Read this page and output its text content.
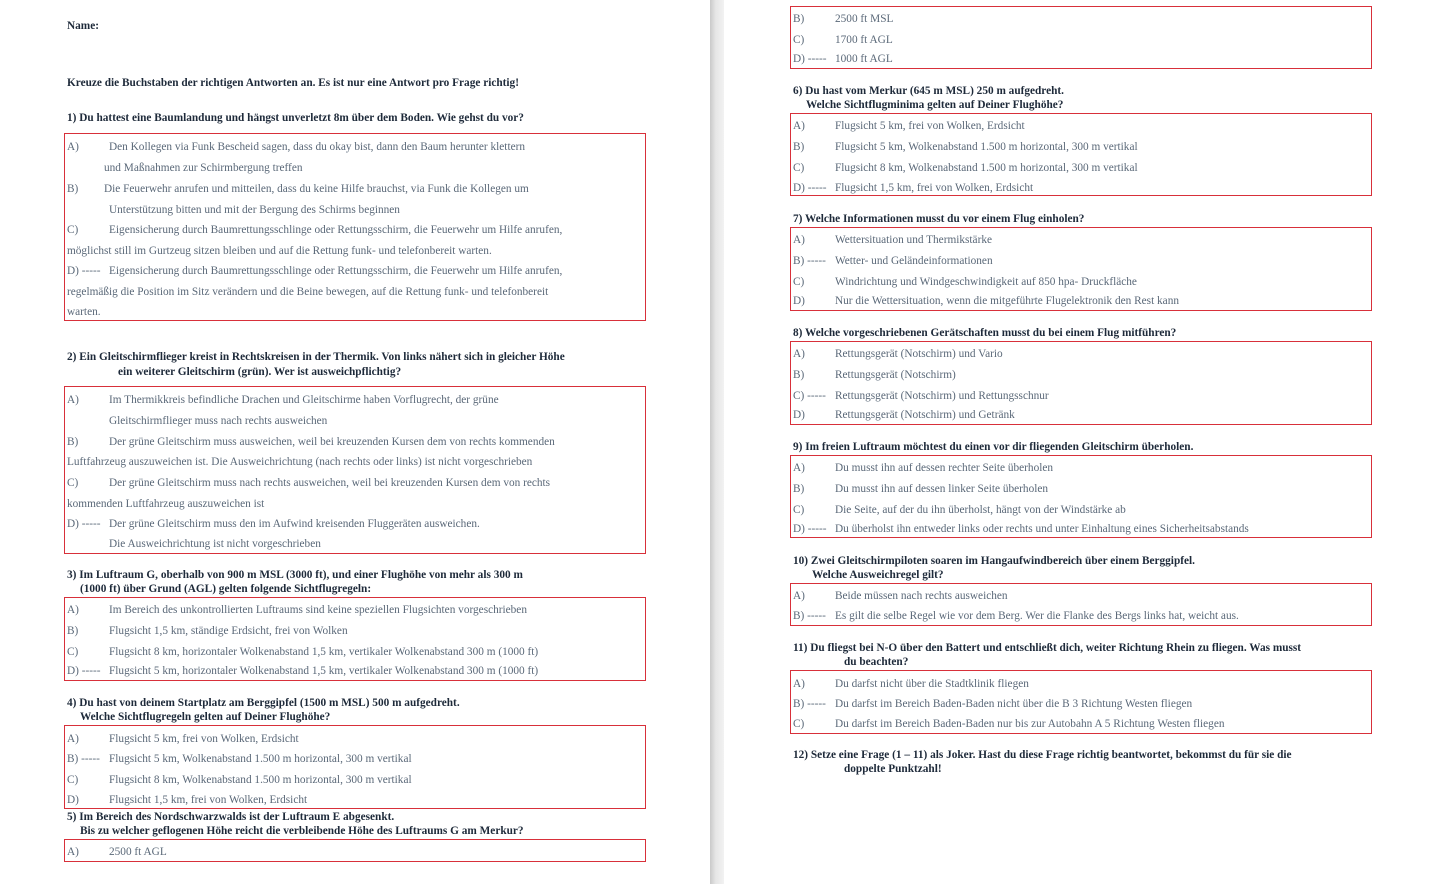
Name:
Kreuze die Buchstaben der richtigen Antworten an. Es ist nur eine Antwort pro Frage richtig!
1) Du hattest eine Baumlandung und hängst unverletzt 8m über dem Boden. Wie gehst du vor?
A)	Den Kollegen via Funk Bescheid sagen, dass du okay bist, dann den Baum herunter klettern
und Maßnahmen zur Schirmbergung treffen
B) Die Feuerwehr anrufen und mitteilen, dass du keine Hilfe brauchst, via Funk die Kollegen um
Unterstützung bitten und mit der Bergung des Schirms beginnen
C)	Eigensicherung durch Baumrettungsschlinge oder Rettungsschirm, die Feuerwehr um Hilfe anrufen,
möglichst still im Gurtzeug sitzen bleiben und auf die Rettung funk- und telefonbereit warten.
D) ----- Eigensicherung durch Baumrettungsschlinge oder Rettungsschirm, die Feuerwehr um Hilfe anrufen,
regelmäßig die Position im Sitz verändern und die Beine bewegen, auf die Rettung funk- und telefonbereit
warten.
2) Ein Gleitschirmflieger kreist in Rechtskreisen in der Thermik. Von links nähert sich in gleicher Höhe
ein weiterer Gleitschirm (grün). Wer ist ausweichpflichtig?
A)	Im Thermikkreis befindliche Drachen und Gleitschirme haben Vorflugrecht, der grüne
Gleitschirmflieger muss nach rechts ausweichen
B)	Der grüne Gleitschirm muss ausweichen, weil bei kreuzenden Kursen dem von rechts kommenden
Luftfahrzeug auszuweichen ist. Die Ausweichrichtung (nach rechts oder links) ist nicht vorgeschrieben
C)	Der grüne Gleitschirm muss nach rechts ausweichen, weil bei kreuzenden Kursen dem von rechts
kommenden Luftfahrzeug auszuweichen ist
D) ----- Der grüne Gleitschirm muss den im Aufwind kreisenden Fluggeräten ausweichen.
Die Ausweichrichtung ist nicht vorgeschrieben
3) Im Luftraum G, oberhalb von 900 m MSL (3000 ft), und einer Flughöhe von mehr als 300 m
(1000 ft) über Grund (AGL) gelten folgende Sichtflugregeln:
A)	Im Bereich des unkontrollierten Luftraums sind keine speziellen Flugsichten vorgeschrieben
B)	Flugsicht 1,5 km, ständige Erdsicht, frei von Wolken
C)	Flugsicht 8 km, horizontaler Wolkenabstand 1,5 km, vertikaler Wolkenabstand 300 m (1000 ft)
D) ----- Flugsicht 5 km, horizontaler Wolkenabstand 1,5 km, vertikaler Wolkenabstand 300 m (1000 ft)
4) Du hast von deinem Startplatz am Berggipfel (1500 m MSL) 500 m aufgedreht.
Welche Sichtflugregeln gelten auf Deiner Flughöhe?
A)	Flugsicht 5 km, frei von Wolken, Erdsicht
B) ----- Flugsicht 5 km, Wolkenabstand 1.500 m horizontal, 300 m vertikal
C)	Flugsicht 8 km, Wolkenabstand 1.500 m horizontal, 300 m vertikal
D)	Flugsicht 1,5 km, frei von Wolken, Erdsicht
5) Im Bereich des Nordschwarzwalds ist der Luftraum E abgesenkt.
Bis zu welcher geflogenen Höhe reicht die verbleibende Höhe des Luftraums G am Merkur?
A)	2500 ft AGL
B)	2500 ft MSL
C)	1700 ft AGL
D) ----- 1000 ft AGL
6) Du hast vom Merkur (645 m MSL) 250 m aufgedreht.
Welche Sichtflugminima gelten auf Deiner Flughöhe?
A)	Flugsicht 5 km, frei von Wolken, Erdsicht
B)	Flugsicht 5 km, Wolkenabstand 1.500 m horizontal, 300 m vertikal
C)	Flugsicht 8 km, Wolkenabstand 1.500 m horizontal, 300 m vertikal
D) ----- Flugsicht 1,5 km, frei von Wolken, Erdsicht
7) Welche Informationen musst du vor einem Flug einholen?
A)	Wettersituation und Thermikstärke
B) ----- Wetter- und Geländeinformationen
C)	Windrichtung und Windgeschwindigkeit auf 850 hpa- Druckfläche
D)	Nur die Wettersituation, wenn die mitgeführte Flugelektronik den Rest kann
8) Welche vorgeschriebenen Gerätschaften musst du bei einem Flug mitführen?
A)	Rettungsgerät (Notschirm) und Vario
B)	Rettungsgerät (Notschirm)
C) ----- Rettungsgerät (Notschirm) und Rettungsschnur
D)	Rettungsgerät (Notschirm) und Getränk
9) Im freien Luftraum möchtest du einen vor dir fliegenden Gleitschirm überholen.
A)	Du musst ihn auf dessen rechter Seite überholen
B)	Du musst ihn auf dessen linker Seite überholen
C)	Die Seite, auf der du ihn überholst, hängt von der Windstärke ab
D) ----- Du überholst ihn entweder links oder rechts und unter Einhaltung eines Sicherheitsabstands
10) Zwei Gleitschirmpiloten soaren im Hangaufwindbereich über einem Berggipfel.
Welche Ausweichregel gilt?
A)	Beide müssen nach rechts ausweichen
B) ----- Es gilt die selbe Regel wie vor dem Berg. Wer die Flanke des Bergs links hat, weicht aus.
11) Du fliegst bei N-O über den Battert und entschließt dich, weiter Richtung Rhein zu fliegen. Was musst
du beachten?
A)	Du darfst nicht über die Stadtklinik fliegen
B) ----- Du darfst im Bereich Baden-Baden nicht über die B 3 Richtung Westen fliegen
C)	Du darfst im Bereich Baden-Baden nur bis zur Autobahn A 5 Richtung Westen fliegen
12) Setze eine Frage (1 – 11) als Joker. Hast du diese Frage richtig beantwortet, bekommst du für sie die
doppelte Punktzahl!
